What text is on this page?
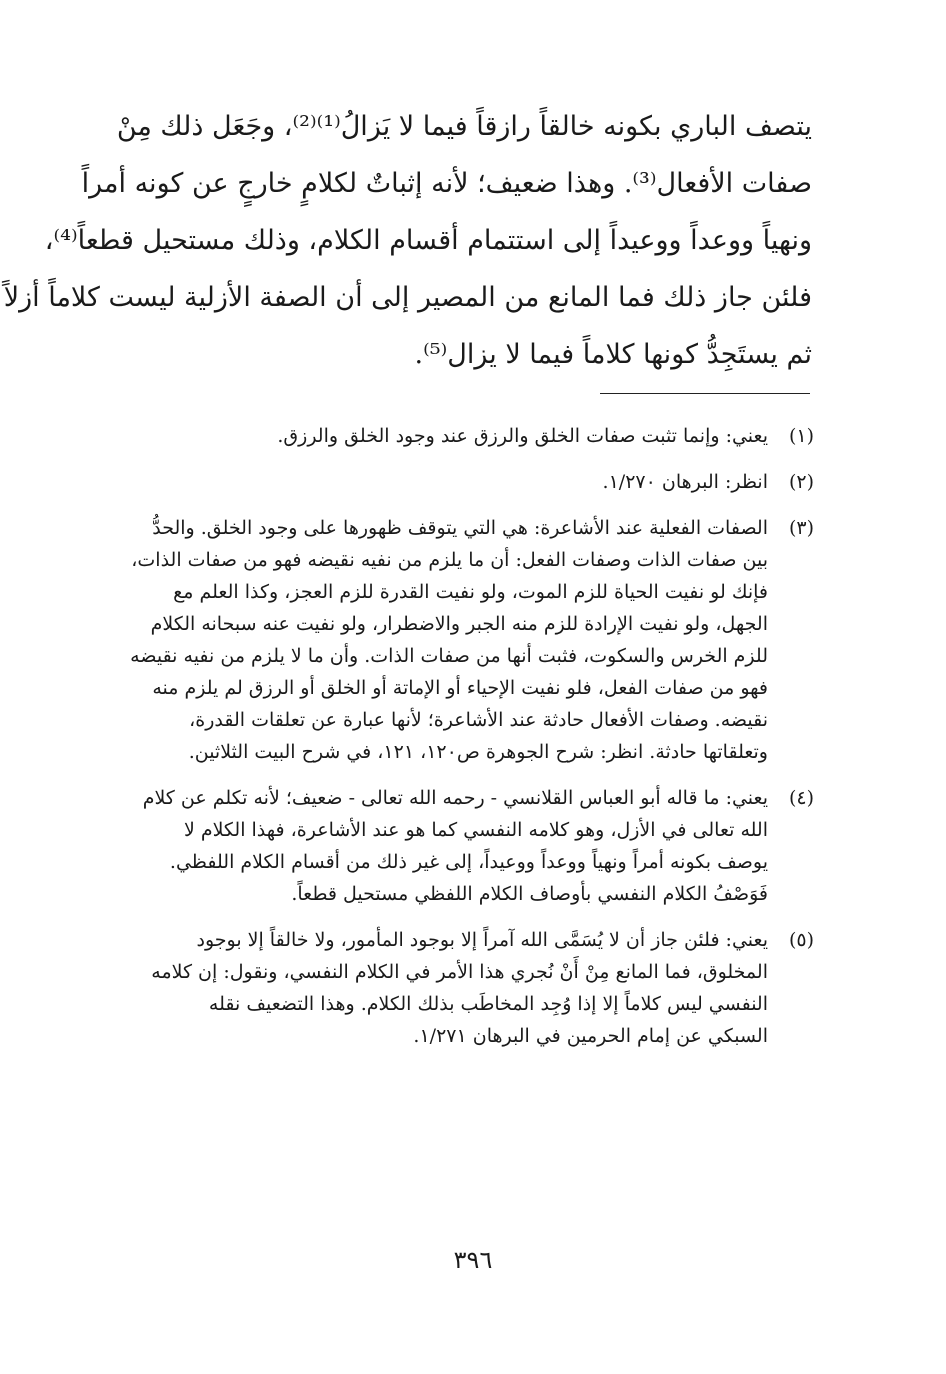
يتصف الباري بكونه خالقاً رازقاً فيما لا يَزالُ⁽¹⁾⁽²⁾، وجَعَل ذلك مِنْ
صفات الأفعال⁽³⁾. وهذا ضعيف؛ لأنه إثباتٌ لكلامٍ خارجٍ عن كونه أمراً
ونهياً ووعداً ووعيداً إلى استتمام أقسام الكلام، وذلك مستحيل قطعاً⁽⁴⁾،
فلئن جاز ذلك فما المانع من المصير إلى أن الصفة الأزلية ليست كلاماً أزلاً
ثم يستَجِدُّ كونها كلاماً فيما لا يزال⁽⁵⁾.
(١)يعني: وإنما تثبت صفات الخلق والرزق عند وجود الخلق والرزق.
(٢)انظر: البرهان ١/٢٧٠.
(٣)الصفات الفعلية عند الأشاعرة: هي التي يتوقف ظهورها على وجود الخلق. والحدُّ
بين صفات الذات وصفات الفعل: أن ما يلزم من نفيه نقيضه فهو من صفات الذات،
فإنك لو نفيت الحياة للزم الموت، ولو نفيت القدرة للزم العجز، وكذا العلم مع
الجهل، ولو نفيت الإرادة للزم منه الجبر والاضطرار، ولو نفيت عنه سبحانه الكلام
للزم الخرس والسكوت، فثبت أنها من صفات الذات. وأن ما لا يلزم من نفيه نقيضه
فهو من صفات الفعل، فلو نفيت الإحياء أو الإماتة أو الخلق أو الرزق لم يلزم منه
نقيضه. وصفات الأفعال حادثة عند الأشاعرة؛ لأنها عبارة عن تعلقات القدرة،
وتعلقاتها حادثة. انظر: شرح الجوهرة ص١٢٠، ١٢١، في شرح البيت الثلاثين.
(٤)يعني: ما قاله أبو العباس القلانسي - رحمه الله تعالى - ضعيف؛ لأنه تكلم عن كلام
الله تعالى في الأزل، وهو كلامه النفسي كما هو عند الأشاعرة، فهذا الكلام لا
يوصف بكونه أمراً ونهياً ووعداً ووعيداً، إلى غير ذلك من أقسام الكلام اللفظي.
فَوَصْفُ الكلام النفسي بأوصاف الكلام اللفظي مستحيل قطعاً.
(٥)يعني: فلئن جاز أن لا يُسَمَّى الله آمراً إلا بوجود المأمور، ولا خالقاً إلا بوجود
المخلوق، فما المانع مِنْ أَنْ نُجري هذا الأمر في الكلام النفسي، ونقول: إن كلامه
النفسي ليس كلاماً إلا إذا وُجِد المخاطَب بذلك الكلام. وهذا التضعيف نقله
السبكي عن إمام الحرمين في البرهان ١/٢٧١.
٣٩٦
